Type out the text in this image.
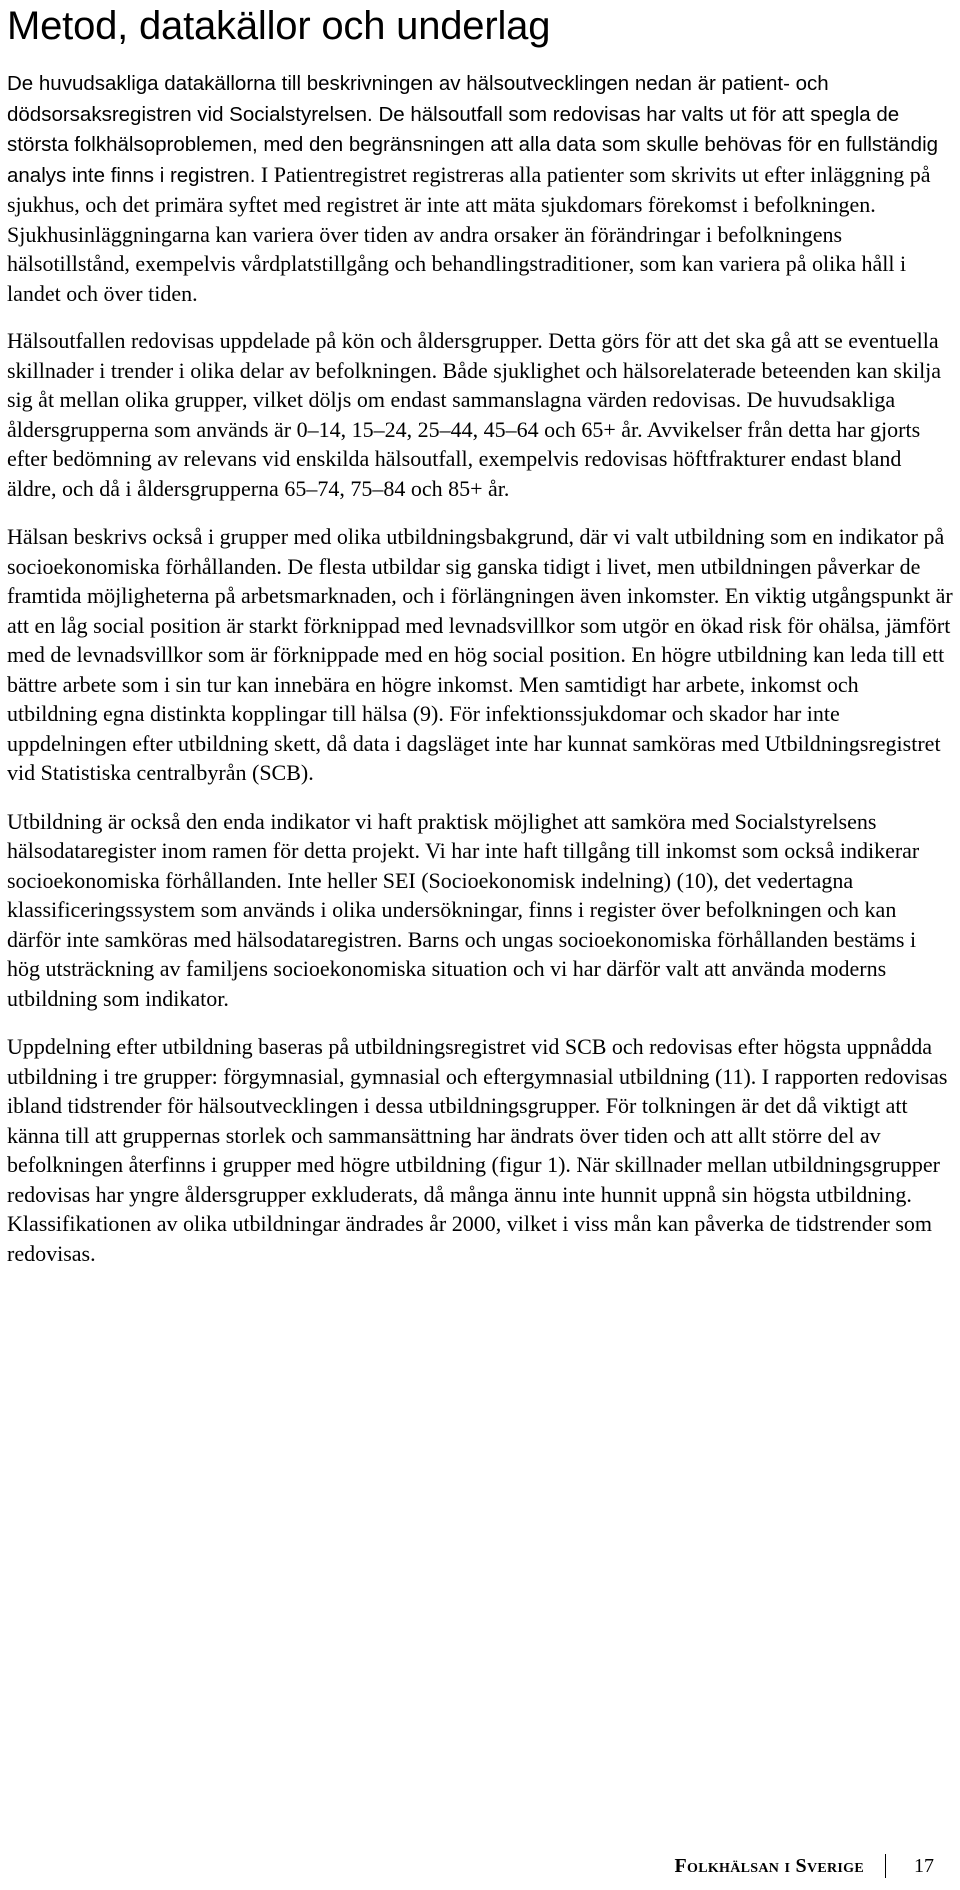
Metod, datakällor och underlag

De huvudsakliga datakällorna till beskrivningen av hälsoutvecklingen nedan är patient- och dödsorsaksregistren vid Socialstyrelsen. De hälsoutfall som redovisas har valts ut för att spegla de största folkhälsoproblemen, med den begränsningen att alla data som skulle behövas för en fullständig analys inte finns i registren. I Patientregistret registreras alla patienter som skrivits ut efter inläggning på sjukhus, och det primära syftet med registret är inte att mäta sjukdomars förekomst i befolkningen. Sjukhusinläggningarna kan variera över tiden av andra orsaker än förändringar i befolkningens hälsotillstånd, exempelvis vårdplatstillgång och behandlingstraditioner, som kan variera på olika håll i landet och över tiden.

Hälsoutfallen redovisas uppdelade på kön och åldersgrupper. Detta görs för att det ska gå att se eventuella skillnader i trender i olika delar av befolkningen. Både sjuklighet och hälsorelaterade beteenden kan skilja sig åt mellan olika grupper, vilket döljs om endast sammanslagna värden redovisas. De huvudsakliga åldersgrupperna som används är 0–14, 15–24, 25–44, 45–64 och 65+ år. Avvikelser från detta har gjorts efter bedömning av relevans vid enskilda hälsoutfall, exempelvis redovisas höftfrakturer endast bland äldre, och då i åldersgrupperna 65–74, 75–84 och 85+ år.

Hälsan beskrivs också i grupper med olika utbildningsbakgrund, där vi valt utbildning som en indikator på socioekonomiska förhållanden. De flesta utbildar sig ganska tidigt i livet, men utbildningen påverkar de framtida möjligheterna på arbetsmarknaden, och i förlängningen även inkomster. En viktig utgångspunkt är att en låg social position är starkt förknippad med levnadsvillkor som utgör en ökad risk för ohälsa, jämfört med de levnadsvillkor som är förknippade med en hög social position. En högre utbildning kan leda till ett bättre arbete som i sin tur kan innebära en högre inkomst. Men samtidigt har arbete, inkomst och utbildning egna distinkta kopplingar till hälsa (9). För infektionssjukdomar och skador har inte uppdelningen efter utbildning skett, då data i dagsläget inte har kunnat samköras med Utbildningsregistret vid Statistiska centralbyrån (SCB).

Utbildning är också den enda indikator vi haft praktisk möjlighet att samköra med Socialstyrelsens hälsodataregister inom ramen för detta projekt. Vi har inte haft tillgång till inkomst som också indikerar socioekonomiska förhållanden. Inte heller SEI (Socioekonomisk indelning) (10), det vedertagna klassificeringssystem som används i olika undersökningar, finns i register över befolkningen och kan därför inte samköras med hälsodataregistren. Barns och ungas socioekonomiska förhållanden bestäms i hög utsträckning av familjens socioekonomiska situation och vi har därför valt att använda moderns utbildning som indikator.

Uppdelning efter utbildning baseras på utbildningsregistret vid SCB och redovisas efter högsta uppnådda utbildning i tre grupper: förgymnasial, gymnasial och eftergymnasial utbildning (11). I rapporten redovisas ibland tidstrender för hälsoutvecklingen i dessa utbildningsgrupper. För tolkningen är det då viktigt att känna till att gruppernas storlek och sammansättning har ändrats över tiden och att allt större del av befolkningen återfinns i grupper med högre utbildning (figur 1). När skillnader mellan utbildningsgrupper redovisas har yngre åldersgrupper exkluderats, då många ännu inte hunnit uppnå sin högsta utbildning. Klassifikationen av olika utbildningar ändrades år 2000, vilket i viss mån kan påverka de tidstrender som redovisas.

Folkhälsan i Sverige	17
